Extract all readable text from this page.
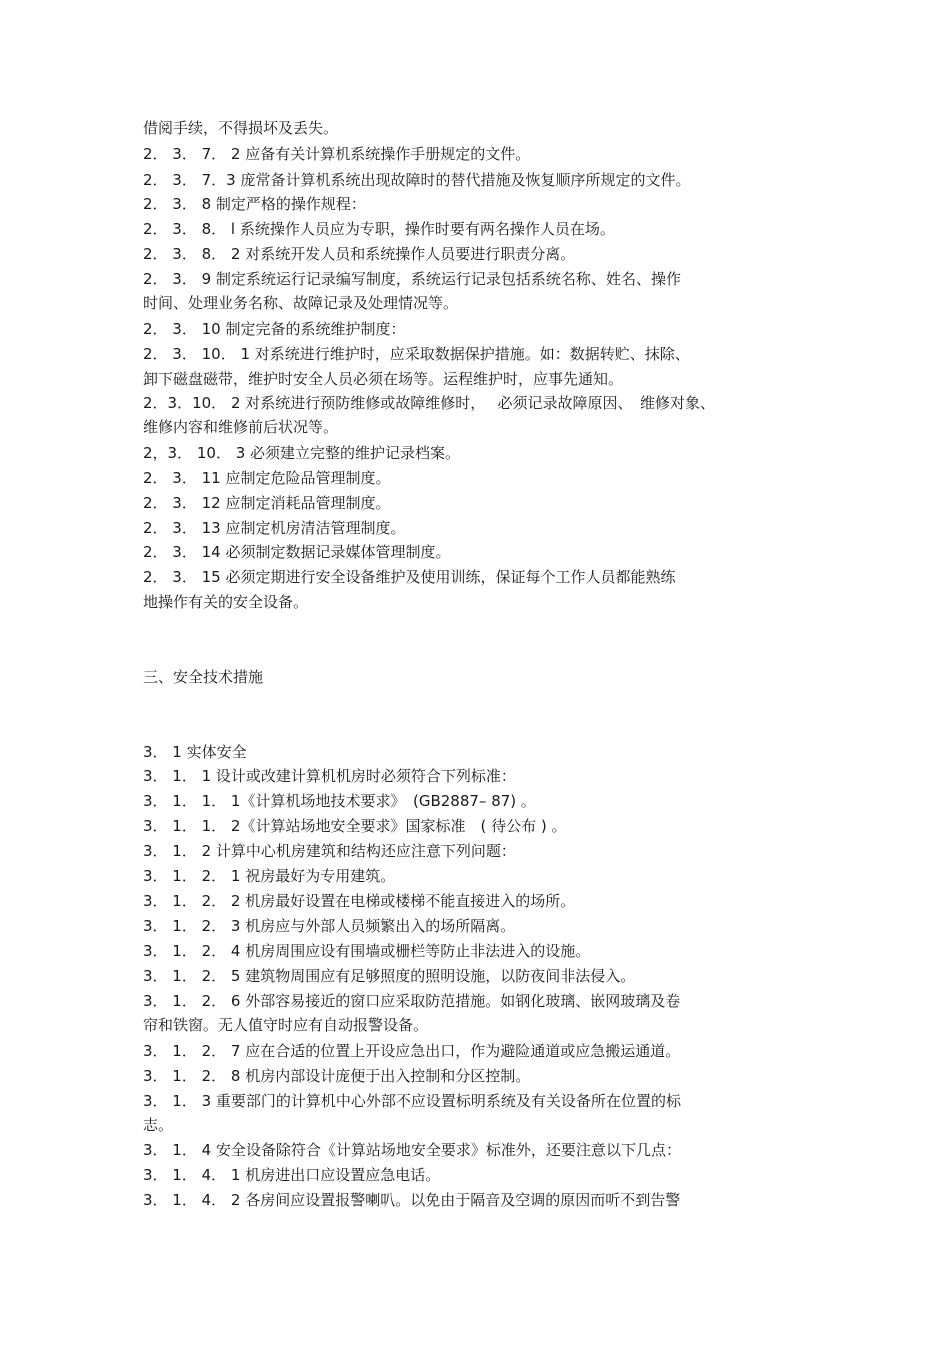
借阅手续，不得损坏及丢失。
2． 3． 7． 2 应备有关计算机系统操作手册规定的文件。
2． 3． 7．3 庞常备计算机系统出现故障时的替代措施及恢复顺序所规定的文件。
2． 3． 8 制定严格的操作规程：
2． 3． 8． l 系统操作人员应为专职，操作时要有两名操作人员在场。
2． 3． 8． 2 对系统开发人员和系统操作人员要进行职责分离。
2． 3． 9 制定系统运行记录编写制度，系统运行记录包括系统名称、姓名、操作
时间、处理业务名称、故障记录及处理情况等。
2． 3． 10 制定完备的系统维护制度：
2． 3． 10． 1 对系统进行维护时，应采取数据保护措施。如：数据转贮、抹除、
卸下磁盘磁带，维护时安全人员必须在场等。运程维护时，应事先通知。
2．3．10． 2 对系统进行预防维修或故障维修时，　 必须记录故障原因、　维修对象、
维修内容和维修前后状况等。
2，3． 10． 3 必须建立完整的维护记录档案。
2． 3． 11 应制定危险品管理制度。
2． 3． 12 应制定消耗品管理制度。
2． 3． 13 应制定机房清洁管理制度。
2． 3． 14 必须制定数据记录媒体管理制度。
2． 3． 15 必须定期进行安全设备维护及使用训练，保证每个工作人员都能熟练
地操作有关的安全设备。
三、安全技术措施
3． 1 实体安全
3． 1． 1 设计或改建计算机机房时必须符合下列标准：
3． 1． 1． 1《计算机场地技术要求》　(GB2887– 87) 。
3． 1． 1． 2《计算站场地安全要求》国家标准　( 待公布 ) 。
3． 1． 2 计算中心机房建筑和结构还应注意下列问题：
3． 1． 2． 1 祝房最好为专用建筑。
3． 1． 2． 2 机房最好设置在电梯或楼梯不能直接进入的场所。
3． 1． 2． 3 机房应与外部人员频繁出入的场所隔离。
3． 1． 2． 4 机房周围应设有围墙或栅栏等防止非法进入的设施。
3． 1． 2． 5 建筑物周围应有足够照度的照明设施，以防夜间非法侵入。
3． 1． 2． 6 外部容易接近的窗口应采取防范措施。如钢化玻璃、嵌网玻璃及卷
帘和铁窗。无人值守时应有自动报警设备。
3． 1． 2． 7 应在合适的位置上开设应急出口，作为避险通道或应急搬运通道。
3． 1． 2． 8 机房内部设计庞便于出入控制和分区控制。
3． 1． 3 重要部门的计算机中心外部不应设置标明系统及有关设备所在位置的标
志。
3． 1． 4 安全设备除符合《计算站场地安全要求》标准外，还要注意以下几点：
3． 1． 4． 1 机房进出口应设置应急电话。
3． 1． 4． 2 各房间应设置报警喇叭。以免由于隔音及空调的原因而听不到告警
